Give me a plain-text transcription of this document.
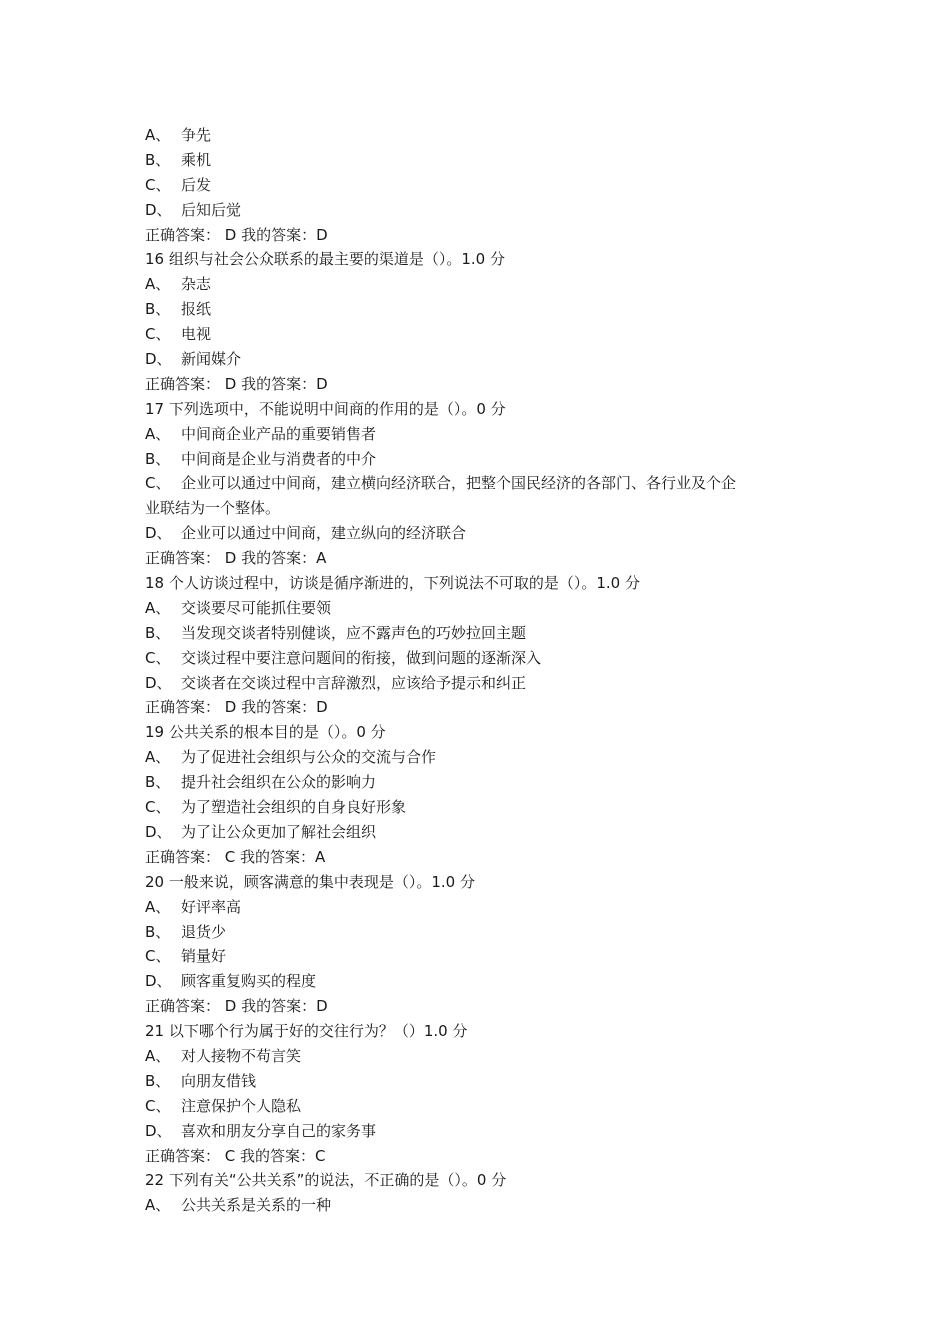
A、 争先
B、 乘机
C、 后发
D、 后知后觉
正确答案： D 我的答案：D
16 组织与社会公众联系的最主要的渠道是（）。1.0 分
A、 杂志
B、 报纸
C、 电视
D、 新闻媒介
正确答案： D 我的答案：D
17 下列选项中，不能说明中间商的作用的是（）。0 分
A、 中间商企业产品的重要销售者
B、 中间商是企业与消费者的中介
C、 企业可以通过中间商，建立横向经济联合，把整个国民经济的各部门、各行业及个企
业联结为一个整体。
D、 企业可以通过中间商，建立纵向的经济联合
正确答案： D 我的答案：A
18 个人访谈过程中，访谈是循序渐进的，下列说法不可取的是（）。1.0 分
A、 交谈要尽可能抓住要领
B、 当发现交谈者特别健谈，应不露声色的巧妙拉回主题
C、 交谈过程中要注意问题间的衔接，做到问题的逐渐深入
D、 交谈者在交谈过程中言辞激烈，应该给予提示和纠正
正确答案： D 我的答案：D
19 公共关系的根本目的是（）。0 分
A、 为了促进社会组织与公众的交流与合作
B、 提升社会组织在公众的影响力
C、 为了塑造社会组织的自身良好形象
D、 为了让公众更加了解社会组织
正确答案： C 我的答案：A
20 一般来说，顾客满意的集中表现是（）。1.0 分
A、 好评率高
B、 退货少
C、 销量好
D、 顾客重复购买的程度
正确答案： D 我的答案：D
21 以下哪个行为属于好的交往行为？（）1.0 分
A、 对人接物不苟言笑
B、 向朋友借钱
C、 注意保护个人隐私
D、 喜欢和朋友分享自己的家务事
正确答案： C 我的答案：C
22 下列有关“公共关系”的说法，不正确的是（）。0 分
A、 公共关系是关系的一种
